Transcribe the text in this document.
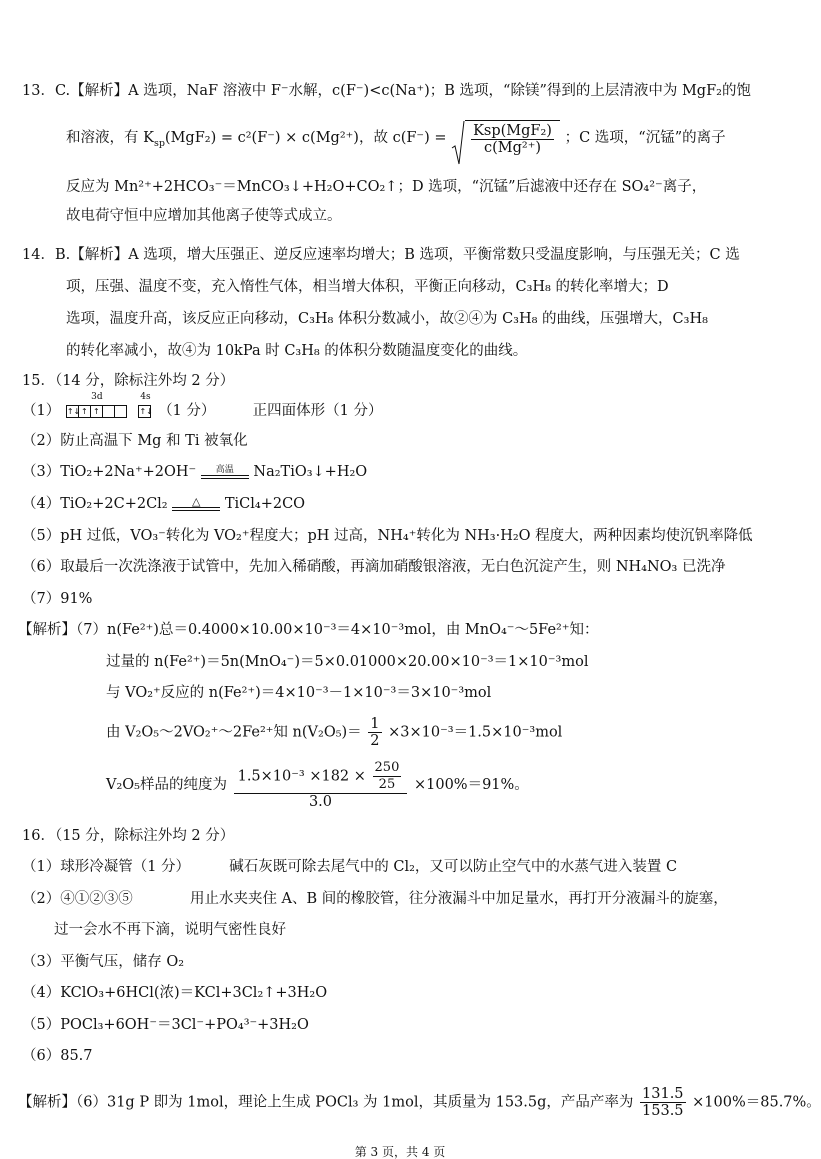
13．C.【解析】A 选项，NaF 溶液中 F⁻水解，c(F⁻)<c(Na⁺)；B 选项，“除镁”得到的上层清液中为 MgF₂的饱
和溶液，有 $K_{sp}(MgF_2) = c^2(F^-) \times c(Mg^{2+})$，故 $c(F^-) = \frac{\text{Ksp(MgF₂)}}{\text{c(Mg²⁺)}}$ ；C 选项，“沉锰”的离子
反应为 Mn²⁺+2HCO₃⁻＝MnCO₃↓+H₂O+CO₂↑；D 选项，“沉锰”后滤液中还存在 SO₄²⁻离子，
故电荷守恒中应增加其他离子使等式成立。
14．B.【解析】A 选项，增大压强正、逆反应速率均增大；B 选项，平衡常数只受温度影响，与压强无关；C 选
项，压强、温度不变，充入惰性气体，相当增大体积，平衡正向移动，C₃H₈ 的转化率增大；D
选项，温度升高，该反应正向移动，C₃H₈ 体积分数减小，故②④为 C₃H₈ 的曲线，压强增大，C₃H₈
的转化率减小，故④为 10kPa 时 C₃H₈ 的体积分数随温度变化的曲线。
15．（14 分，除标注外均 2 分）
（1）
3d
↑↓ ↑ ↑

4s
↑↓ （1 分）	正四面体形（1 分）
（2）防止高温下 Mg 和 Ti 被氧化
（3）TiO₂+2Na⁺+2OH⁻	高温	Na₂TiO₃↓+H₂O
（4）TiO₂+2C+2Cl₂	△	TiCl₄+2CO
（5）pH 过低，VO₃⁻转化为 VO₂⁺程度大；pH 过高，NH₄⁺转化为 NH₃·H₂O 程度大，两种因素均使沉钒率降低
（6）取最后一次洗涤液于试管中，先加入稀硝酸，再滴加硝酸银溶液，无白色沉淀产生，则 NH₄NO₃ 已洗净
（7）91%
【解析】（7）n(Fe²⁺)总＝0.4000×10.00×10⁻³＝4×10⁻³mol，由 MnO₄⁻～5Fe²⁺知：
过量的 n(Fe²⁺)＝5n(MnO₄⁻)＝5×0.01000×20.00×10⁻³＝1×10⁻³mol
与 VO₂⁺反应的 n(Fe²⁺)＝4×10⁻³－1×10⁻³＝3×10⁻³mol
由 V₂O₅～2VO₂⁺～2Fe²⁺知 $n(V_2O_5)= \frac{1}{2} \times 3\times 10^{-3}=1.5\times 10^{-3}mol$
V₂O₅样品的纯度为 $\frac{1.5\times 10^{-3} \times 182 \times \frac{250}{25}}{3.0} \times 100\%=91\%$。
16．（15 分，除标注外均 2 分）
（1）球形冷凝管（1 分）	碱石灰既可除去尾气中的 Cl₂，又可以防止空气中的水蒸气进入装置 C
（2）④①②③⑤	用止水夹夹住 A、B 间的橡胶管，往分液漏斗中加足量水，再打开分液漏斗的旋塞，
过一会水不再下滴，说明气密性良好
（3）平衡气压，储存 O₂
（4）KClO₃+6HCl(浓)＝KCl+3Cl₂↑+3H₂O
（5）POCl₃+6OH⁻＝3Cl⁻+PO₄³⁻+3H₂O
（6）85.7
【解析】（6）31g P 即为 1mol，理论上生成 POCl₃ 为 1mol，其质量为 153.5g，产品产率为 $\frac{131.5}{153.5} \times 100\%=85.7\%$。
第 3 页，共 4 页
